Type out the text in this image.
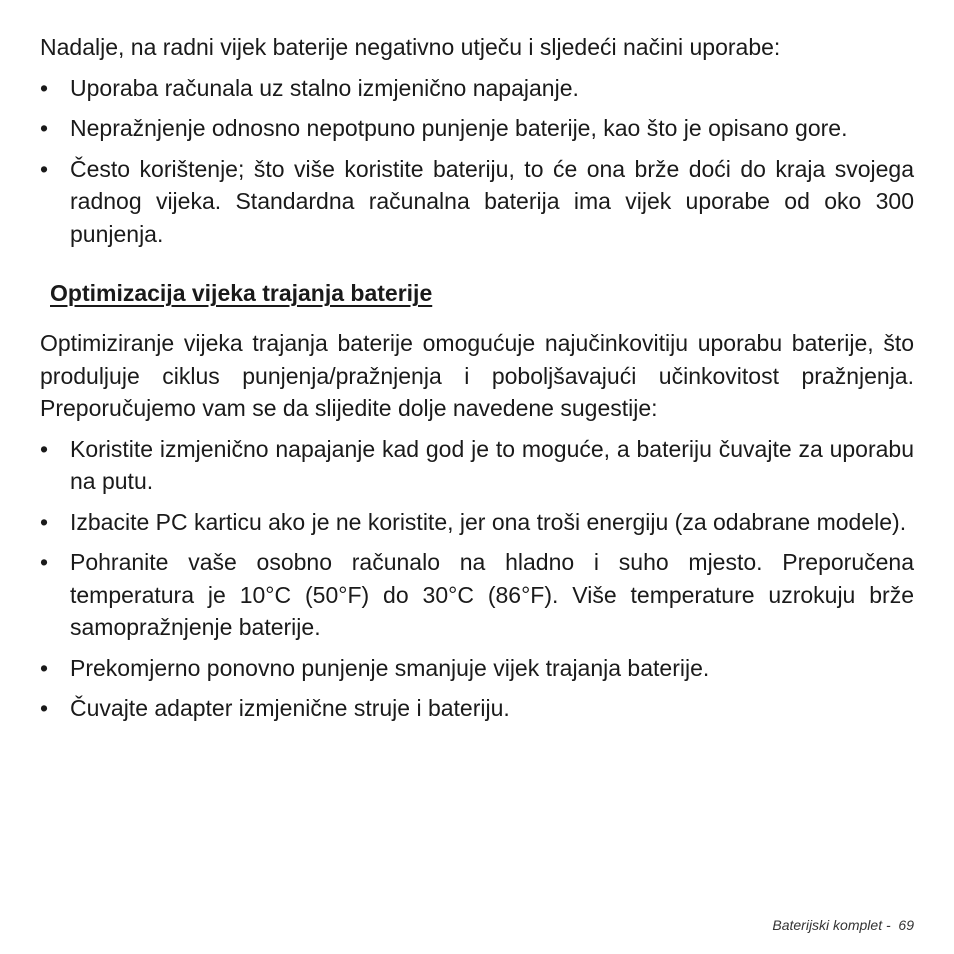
Nadalje, na radni vijek baterije negativno utječu i sljedeći načini uporabe:

• Uporaba računala uz stalno izmjenično napajanje.
• Nepražnjenje odnosno nepotpuno punjenje baterije, kao što je opisano gore.
• Često korištenje; što više koristite bateriju, to će ona brže doći do kraja svojega radnog vijeka. Standardna računalna baterija ima vijek uporabe od oko 300 punjenja.
Optimizacija vijeka trajanja baterije

Optimiziranje vijeka trajanja baterije omogućuje najučinkovitiju uporabu baterije, što produljuje ciklus punjenja/pražnjenja i poboljšavajući učinkovitost pražnjenja. Preporučujemo vam se da slijedite dolje navedene sugestije:

• Koristite izmjenično napajanje kad god je to moguće, a bateriju čuvajte za uporabu na putu.
• Izbacite PC karticu ako je ne koristite, jer ona troši energiju (za odabrane modele).
• Pohranite vaše osobno računalo na hladno i suho mjesto. Preporučena temperatura je 10°C (50°F) do 30°C (86°F). Više temperature uzrokuju brže samopražnjenje baterije.
• Prekomjerno ponovno punjenje smanjuje vijek trajanja baterije.
• Čuvajte adapter izmjenične struje i bateriju.
Baterijski komplet - 69
